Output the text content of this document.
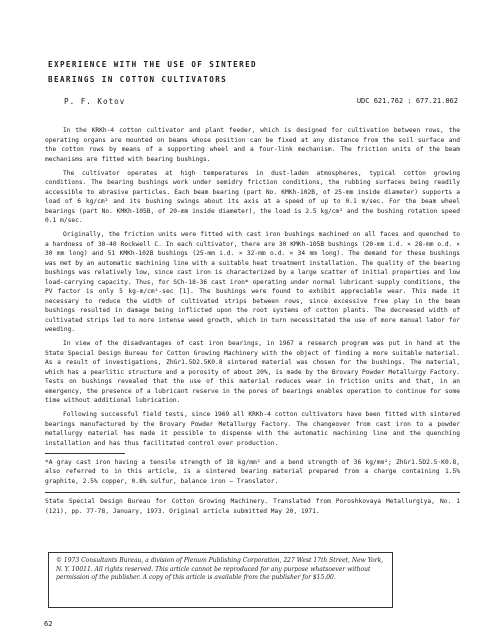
EXPERIENCE WITH THE USE OF SINTERED
BEARINGS IN COTTON CULTIVATORS
P. F. Kotov	UDC 621.762 : 677.21.062

In the KRKh-4 cotton cultivator and plant feeder, which is designed for cultivation between rows, the operating organs are mounted on beams whose position can be fixed at any distance from the soil surface and the cotton rows by means of a supporting wheel and a four-link mechanism. The friction units of the beam mechanisms are fitted with bearing bushings.

The cultivator operates at high temperatures in dust-laden atmospheres, typical cotton growing conditions. The bearing bushings work under semidry friction conditions, the rubbing surfaces being readily accessible to abrasive particles. Each beam bearing (part No. KMKh-102B, of 25-mm inside diameter) supports a load of 6 kg/cm² and its bushing swings about its axis at a speed of up to 0.1 m/sec. For the beam wheel bearings (part No. KMKh-105B, of 20-mm inside diameter), the load is 2.5 kg/cm² and the bushing rotation speed 0.1 m/sec.

Originally, the friction units were fitted with cast iron bushings machined on all faces and quenched to a hardness of 30-40 Rockwell C. In each cultivator, there are 30 KMKh-105B bushings (20-mm i.d. × 28-mm o.d. × 30 mm long) and 51 KMKh-102B bushings (25-mm i.d. × 32-mm o.d. × 34 mm long). The demand for these bushings was met by an automatic machining line with a suitable heat treatment installation. The quality of the bearing bushings was relatively low, since cast iron is characterized by a large scatter of initial properties and low load-carrying capacity. Thus, for SCh-18-36 cast iron* operating under normal lubricant supply conditions, the PV factor is only 5 kg-m/cm²-sec [1]. The bushings were found to exhibit appreciable wear. This made it necessary to reduce the width of cultivated strips between rows, since excessive free play in the beam bushings resulted in damage being inflicted upon the root systems of cotton plants. The decreased width of cultivated strips led to more intense weed growth, which in turn necessitated the use of more manual labor for weeding.

In view of the disadvantages of cast iron bearings, in 1967 a research program was put in hand at the State Special Design Bureau for Cotton Growing Machinery with the object of finding a more suitable material. As a result of investigations, ZhGr1.5D2.5K0.8 sintered material was chosen for the bushings. The material, which has a pearlitic structure and a porosity of about 20%, is made by the Brovary Powder Metallurgy Factory. Tests on bushings revealed that the use of this material reduces wear in friction units and that, in an emergency, the presence of a lubricant reserve in the pores of bearings enables operation to continue for some time without additional lubrication.

Following successful field tests, since 1969 all KRKh-4 cotton cultivators have been fitted with sintered bearings manufactured by the Brovary Powder Metallurgy Factory. The changeover from cast iron to a powder metallurgy material has made it possible to dispense with the automatic machining line and the quenching installation and has thus facilitated control over production.

*A gray cast iron having a tensile strength of 18 kg/mm² and a bend strength of 36 kg/mm²; ZhGr1.5D2.5·K0.8, also referred to in this article, is a sintered bearing material prepared from a charge containing 1.5% graphite, 2.5% copper, 0.8% sulfur, balance iron – Translator.

State Special Design Bureau for Cotton Growing Machinery. Translated from Poroshkovaya Metallurgiya, No. 1 (121), pp. 77-78, January, 1973. Original article submitted May 20, 1971.

© 1973 Consultants Bureau, a division of Plenum Publishing Corporation, 227 West 17th Street, New York, N. Y. 10011. All rights reserved. This article cannot be reproduced for any purpose whatsoever without permission of the publisher. A copy of this article is available from the publisher for $15.00.
62
